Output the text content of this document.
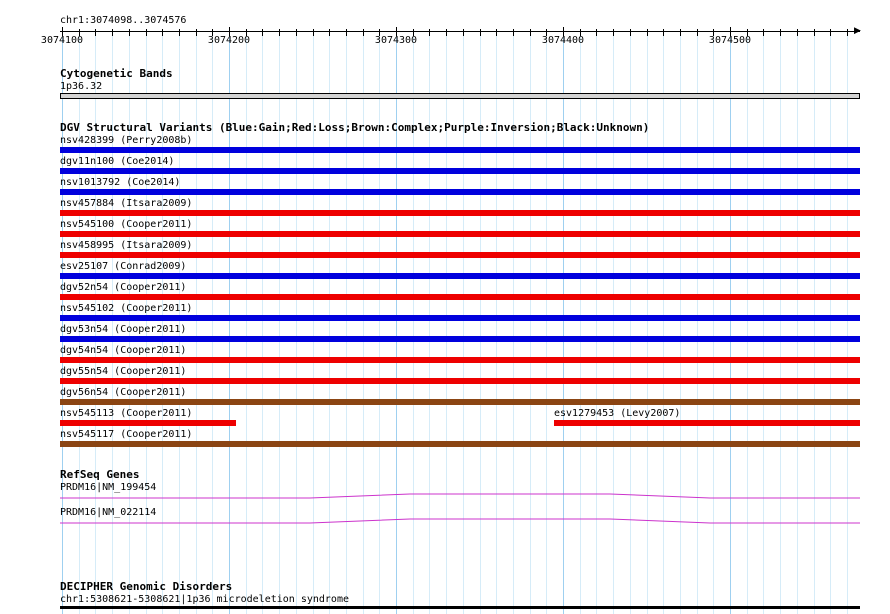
chr1:3074098..3074576
▶
3074100	3074200	3074300	3074400	3074500
Cytogenetic Bands
1p36.32
DGV Structural Variants (Blue:Gain;Red:Loss;Brown:Complex;Purple:Inversion;Black:Unknown)
nsv428399 (Perry2008b)
dgv11n100 (Coe2014)
nsv1013792 (Coe2014)
nsv457884 (Itsara2009)
nsv545100 (Cooper2011)
nsv458995 (Itsara2009)
esv25107 (Conrad2009)
dgv52n54 (Cooper2011)
nsv545102 (Cooper2011)
dgv53n54 (Cooper2011)
dgv54n54 (Cooper2011)
dgv55n54 (Cooper2011)
dgv56n54 (Cooper2011)
nsv545113 (Cooper2011)	esv1279453 (Levy2007)
nsv545117 (Cooper2011)
RefSeq Genes
PRDM16|NM_199454
PRDM16|NM_022114
DECIPHER Genomic Disorders
chr1:5308621-5308621|1p36 microdeletion syndrome
